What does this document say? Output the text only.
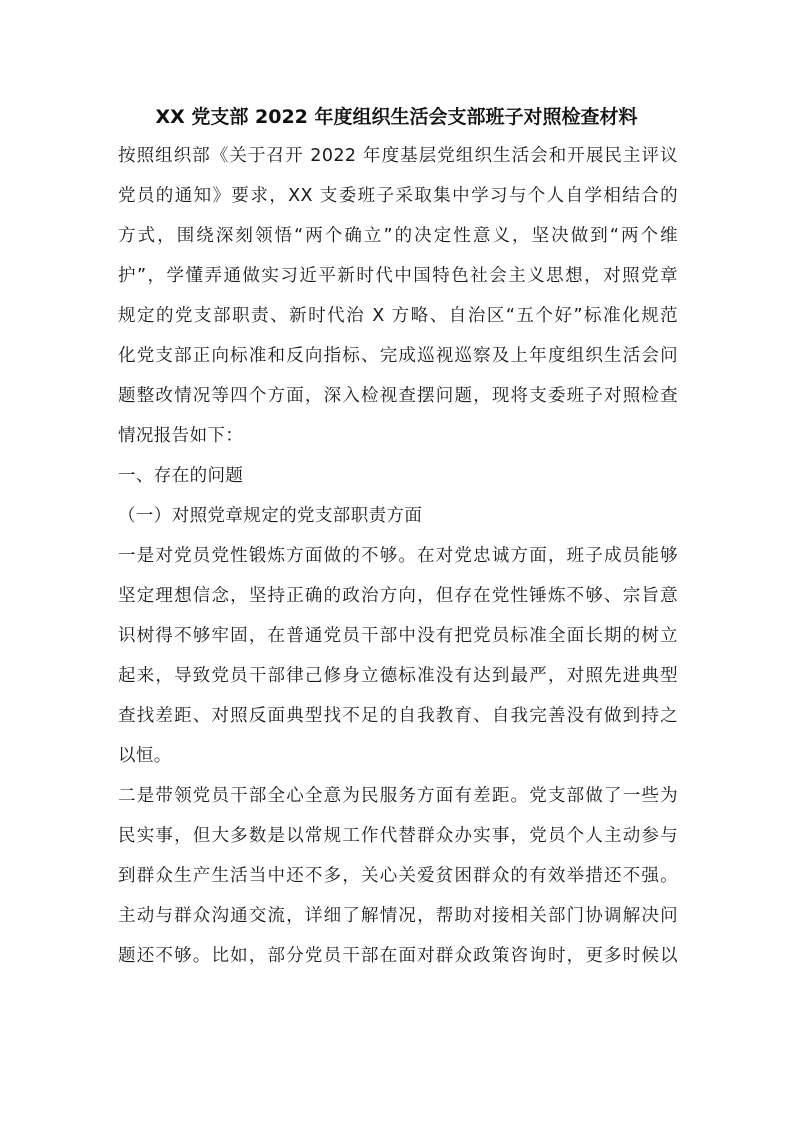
XX 党支部 2022 年度组织生活会支部班子对照检查材料
按照组织部《关于召开 2022 年度基层党组织生活会和开展民主评议
党员的通知》要求，XX 支委班子采取集中学习与个人自学相结合的
方式，围绕深刻领悟“两个确立”的决定性意义，坚决做到“两个维
护”，学懂弄通做实习近平新时代中国特色社会主义思想，对照党章
规定的党支部职责、新时代治 X 方略、自治区“五个好”标准化规范
化党支部正向标准和反向指标、完成巡视巡察及上年度组织生活会问
题整改情况等四个方面，深入检视查摆问题，现将支委班子对照检查
情况报告如下：
一、存在的问题
（一）对照党章规定的党支部职责方面
一是对党员党性锻炼方面做的不够。在对党忠诚方面，班子成员能够
坚定理想信念，坚持正确的政治方向，但存在党性锤炼不够、宗旨意
识树得不够牢固，在普通党员干部中没有把党员标准全面长期的树立
起来，导致党员干部律己修身立德标准没有达到最严，对照先进典型
查找差距、对照反面典型找不足的自我教育、自我完善没有做到持之
以恒。
二是带领党员干部全心全意为民服务方面有差距。党支部做了一些为
民实事，但大多数是以常规工作代替群众办实事，党员个人主动参与
到群众生产生活当中还不多，关心关爱贫困群众的有效举措还不强。
主动与群众沟通交流，详细了解情况，帮助对接相关部门协调解决问
题还不够。比如，部分党员干部在面对群众政策咨询时，更多时候以
